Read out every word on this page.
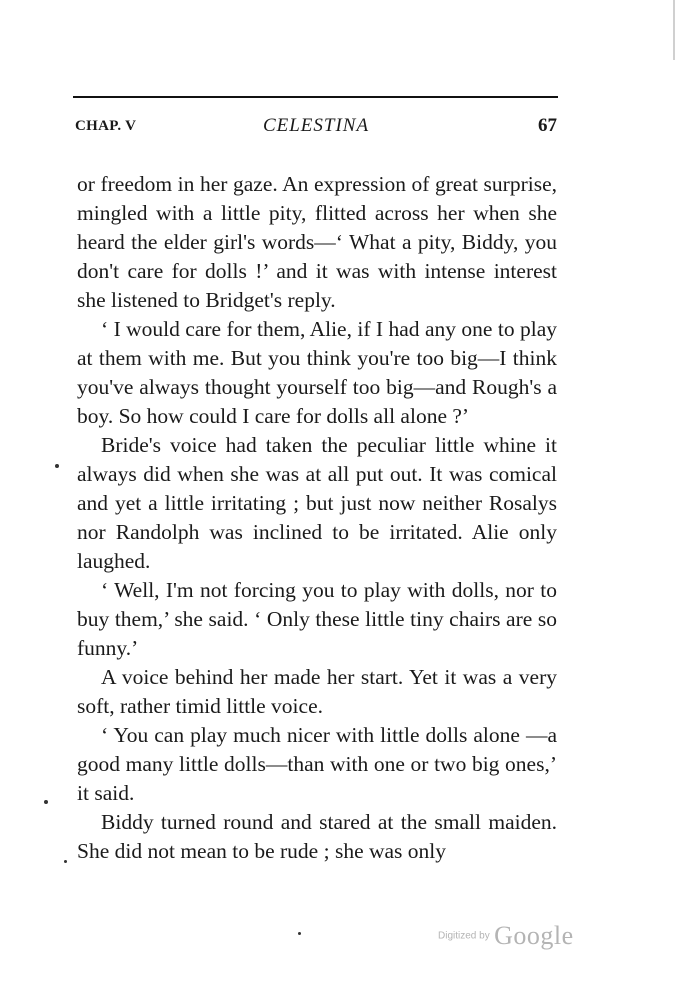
CHAP. V	CELESTINA	67

or freedom in her gaze. An expression of great surprise, mingled with a little pity, flitted across her when she heard the elder girl's words—‘ What a pity, Biddy, you don't care for dolls !’ and it was with intense interest she listened to Bridget's reply.

‘ I would care for them, Alie, if I had any one to play at them with me. But you think you're too big—I think you've always thought yourself too big—and Rough's a boy. So how could I care for dolls all alone ?’

Bride's voice had taken the peculiar little whine it always did when she was at all put out. It was comical and yet a little irritating ; but just now neither Rosalys nor Randolph was inclined to be irritated. Alie only laughed.

‘ Well, I'm not forcing you to play with dolls, nor to buy them,’ she said. ‘ Only these little tiny chairs are so funny.’

A voice behind her made her start. Yet it was a very soft, rather timid little voice.

‘ You can play much nicer with little dolls alone —a good many little dolls—than with one or two big ones,’ it said.

Biddy turned round and stared at the small maiden. She did not mean to be rude ; she was only

Digitized by Google
